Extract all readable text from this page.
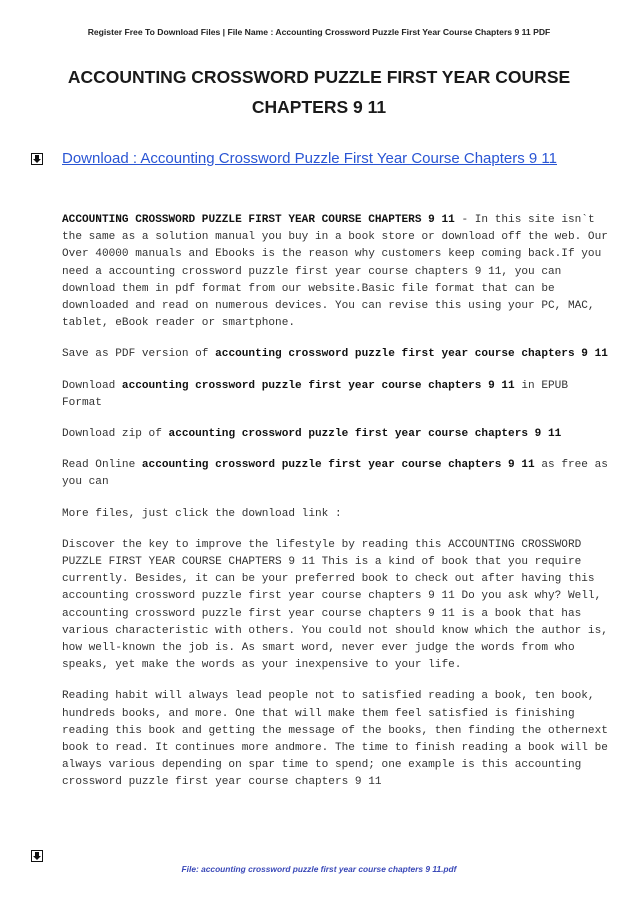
Register Free To Download Files | File Name : Accounting Crossword Puzzle First Year Course Chapters 9 11 PDF
ACCOUNTING CROSSWORD PUZZLE FIRST YEAR COURSE
CHAPTERS 9 11
Download : Accounting Crossword Puzzle First Year Course Chapters 9 11

ACCOUNTING CROSSWORD PUZZLE FIRST YEAR COURSE CHAPTERS 9 11 - In this site isn`t the same as a solution manual you buy in a book store or download off the web. Our Over 40000 manuals and Ebooks is the reason why customers keep coming back.If you need a accounting crossword puzzle first year course chapters 9 11, you can download them in pdf format from our website.Basic file format that can be downloaded and read on numerous devices. You can revise this using your PC, MAC, tablet, eBook reader or smartphone.

Save as PDF version of accounting crossword puzzle first year course chapters 9 11

Download accounting crossword puzzle first year course chapters 9 11 in EPUB Format

Download zip of accounting crossword puzzle first year course chapters 9 11

Read Online accounting crossword puzzle first year course chapters 9 11 as free as you can

More files, just click the download link :

Discover the key to improve the lifestyle by reading this ACCOUNTING CROSSWORD PUZZLE FIRST YEAR COURSE CHAPTERS 9 11 This is a kind of book that you require currently. Besides, it can be your preferred book to check out after having this accounting crossword puzzle first year course chapters 9 11 Do you ask why? Well, accounting crossword puzzle first year course chapters 9 11 is a book that has various characteristic with others. You could not should know which the author is, how well-known the job is. As smart word, never ever judge the words from who speaks, yet make the words as your inexpensive to your life.

Reading habit will always lead people not to satisfied reading a book, ten book, hundreds books, and more. One that will make them feel satisfied is finishing reading this book and getting the message of the books, then finding the othernext book to read. It continues more andmore. The time to finish reading a book will be always various depending on spar time to spend; one example is this accounting crossword puzzle first year course chapters 9 11

File: accounting crossword puzzle first year course chapters 9 11.pdf
